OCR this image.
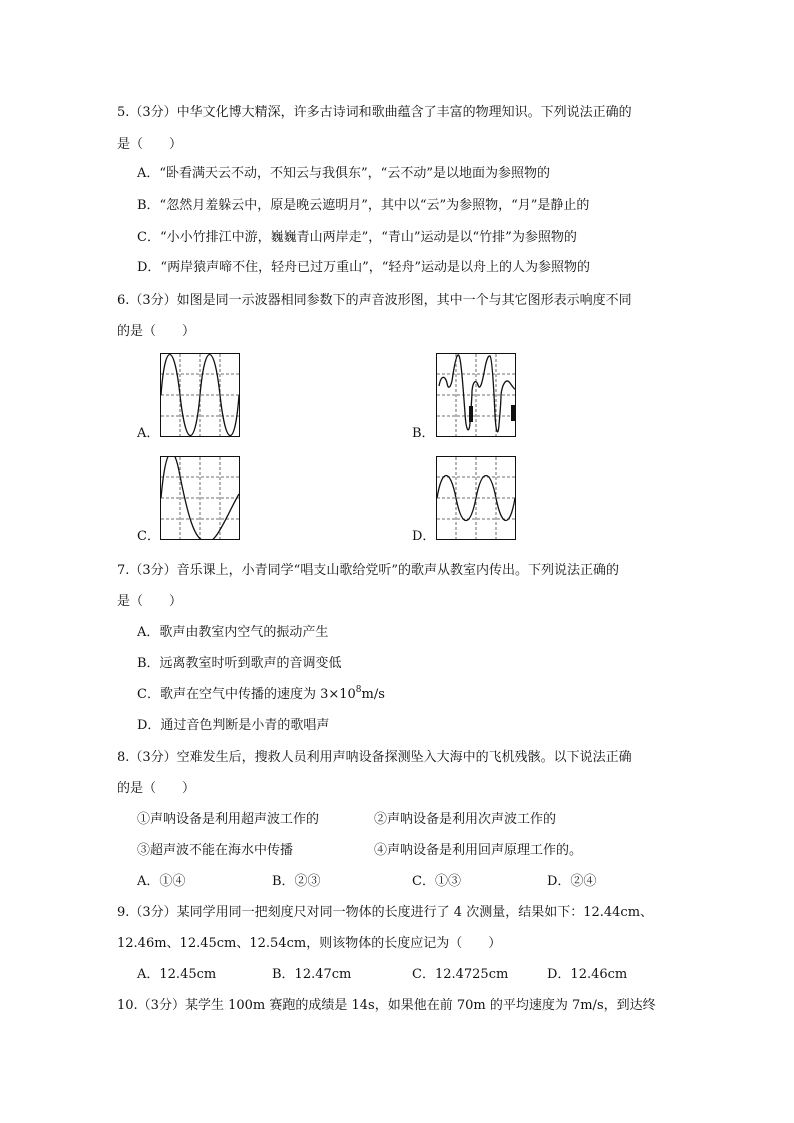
5.（3分）中华文化博大精深，许多古诗词和歌曲蕴含了丰富的物理知识。下列说法正确的
是（　　）
A．“卧看满天云不动，不知云与我俱东”，“云不动”是以地面为参照物的
B．“忽然月羞躲云中，原是晚云遮明月”，其中以“云”为参照物，“月”是静止的
C．“小小竹排江中游，巍巍青山两岸走”，“青山”运动是以“竹排”为参照物的
D．“两岸猿声啼不住，轻舟已过万重山”，“轻舟”运动是以舟上的人为参照物的
6.（3分）如图是同一示波器相同参数下的声音波形图，其中一个与其它图形表示响度不同
的是（　　）
A．	B．
C．	D．
7.（3分）音乐课上，小青同学“唱支山歌给党听”的歌声从教室内传出。下列说法正确的
是（　　）
A．歌声由教室内空气的振动产生
B．远离教室时听到歌声的音调变低
C．歌声在空气中传播的速度为 $3\times 10^8m/s$
D．通过音色判断是小青的歌唱声
8.（3分）空难发生后，搜救人员利用声呐设备探测坠入大海中的飞机残骸。以下说法正确
的是（　　）
①声呐设备是利用超声波工作的	②声呐设备是利用次声波工作的
③超声波不能在海水中传播	④声呐设备是利用回声原理工作的。
A．①④	B．②③	C．①③	D．②④
9.（3分）某同学用同一把刻度尺对同一物体的长度进行了 4 次测量，结果如下：12.44cm、
12.46m、12.45cm、12.54cm，则该物体的长度应记为（　　）
A．12.45cm	B．12.47cm	C．12.4725cm	D．12.46cm
10.（3分）某学生 100m 赛跑的成绩是 14s，如果他在前 70m 的平均速度为 7m/s，到达终
